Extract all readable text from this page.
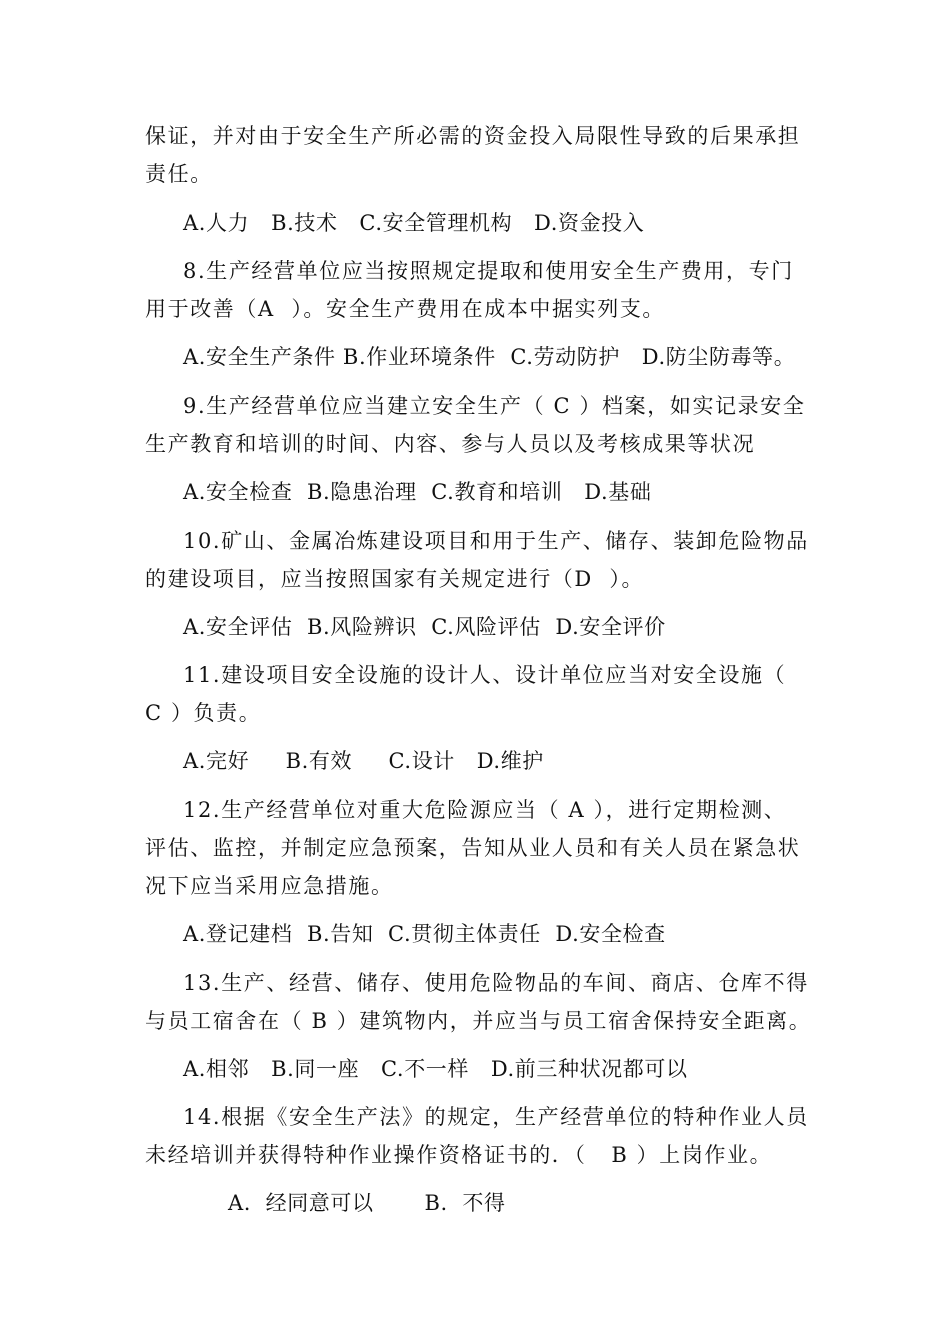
保证，并对由于安全生产所必需的资金投入局限性导致的后果承担
责任。
A.人力   B.技术   C.安全管理机构   D.资金投入
8.生产经营单位应当按照规定提取和使用安全生产费用，专门
用于改善（A  ）。安全生产费用在成本中据实列支。
A.安全生产条件 B.作业环境条件  C.劳动防护   D.防尘防毒等。
9.生产经营单位应当建立安全生产（ C ）档案，如实记录安全
生产教育和培训的时间、内容、参与人员以及考核成果等状况
A.安全检查  B.隐患治理  C.教育和培训   D.基础
10.矿山、金属冶炼建设项目和用于生产、储存、装卸危险物品
的建设项目，应当按照国家有关规定进行（D  ）。
A.安全评估  B.风险辨识  C.风险评估  D.安全评价
11.建设项目安全设施的设计人、设计单位应当对安全设施（
C ）负责。
A.完好     B.有效     C.设计   D.维护
12.生产经营单位对重大危险源应当（ A ），进行定期检测、
评估、监控，并制定应急预案，告知从业人员和有关人员在紧急状
况下应当采用应急措施。
A.登记建档  B.告知  C.贯彻主体责任  D.安全检查
13.生产、经营、储存、使用危险物品的车间、商店、仓库不得
与员工宿舍在（ B ）建筑物内，并应当与员工宿舍保持安全距离。
A.相邻   B.同一座   C.不一样   D.前三种状况都可以
14.根据《安全生产法》的规定，生产经营单位的特种作业人员
未经培训并获得特种作业操作资格证书的．（   B ）上岗作业。
A.  经同意可以       B.  不得
